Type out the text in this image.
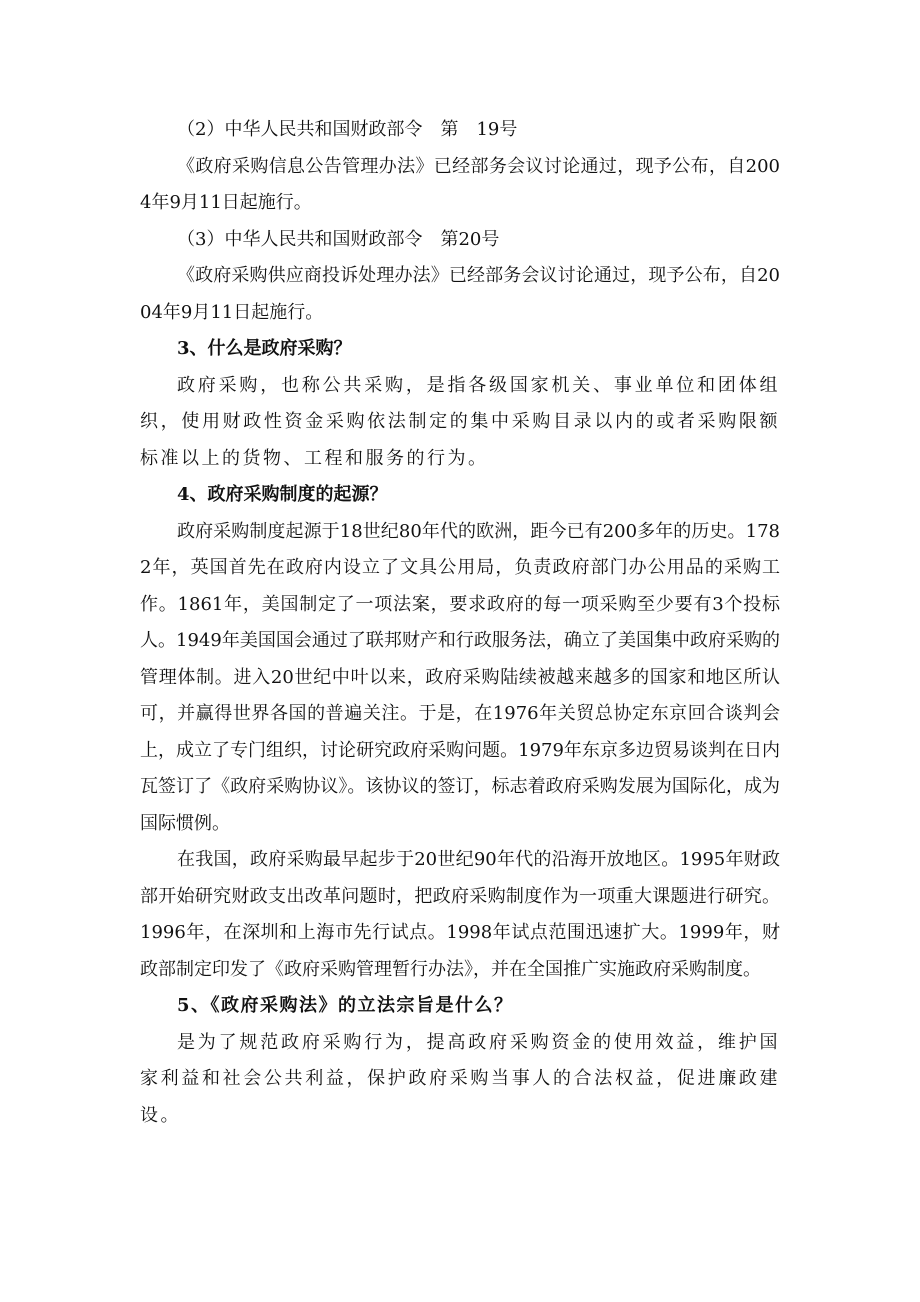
（2）中华人民共和国财政部令　第　19号

《政府采购信息公告管理办法》已经部务会议讨论通过，现予公布，自2004年9月11日起施行。

（3）中华人民共和国财政部令　第20号

《政府采购供应商投诉处理办法》已经部务会议讨论通过，现予公布，自2004年9月11日起施行。

3、什么是政府采购？

政府采购，也称公共采购，是指各级国家机关、事业单位和团体组织，使用财政性资金采购依法制定的集中采购目录以内的或者采购限额标准以上的货物、工程和服务的行为。

4、政府采购制度的起源？

政府采购制度起源于18世纪80年代的欧洲，距今已有200多年的历史。1782年，英国首先在政府内设立了文具公用局，负责政府部门办公用品的采购工作。1861年，美国制定了一项法案，要求政府的每一项采购至少要有3个投标人。1949年美国国会通过了联邦财产和行政服务法，确立了美国集中政府采购的管理体制。进入20世纪中叶以来，政府采购陆续被越来越多的国家和地区所认可，并赢得世界各国的普遍关注。于是，在1976年关贸总协定东京回合谈判会上，成立了专门组织，讨论研究政府采购问题。1979年东京多边贸易谈判在日内瓦签订了《政府采购协议》。该协议的签订，标志着政府采购发展为国际化，成为国际惯例。

在我国，政府采购最早起步于20世纪90年代的沿海开放地区。1995年财政部开始研究财政支出改革问题时，把政府采购制度作为一项重大课题进行研究。1996年，在深圳和上海市先行试点。1998年试点范围迅速扩大。1999年，财政部制定印发了《政府采购管理暂行办法》，并在全国推广实施政府采购制度。

5、《政府采购法》的立法宗旨是什么？

是为了规范政府采购行为，提高政府采购资金的使用效益，维护国家利益和社会公共利益，保护政府采购当事人的合法权益，促进廉政建设。
